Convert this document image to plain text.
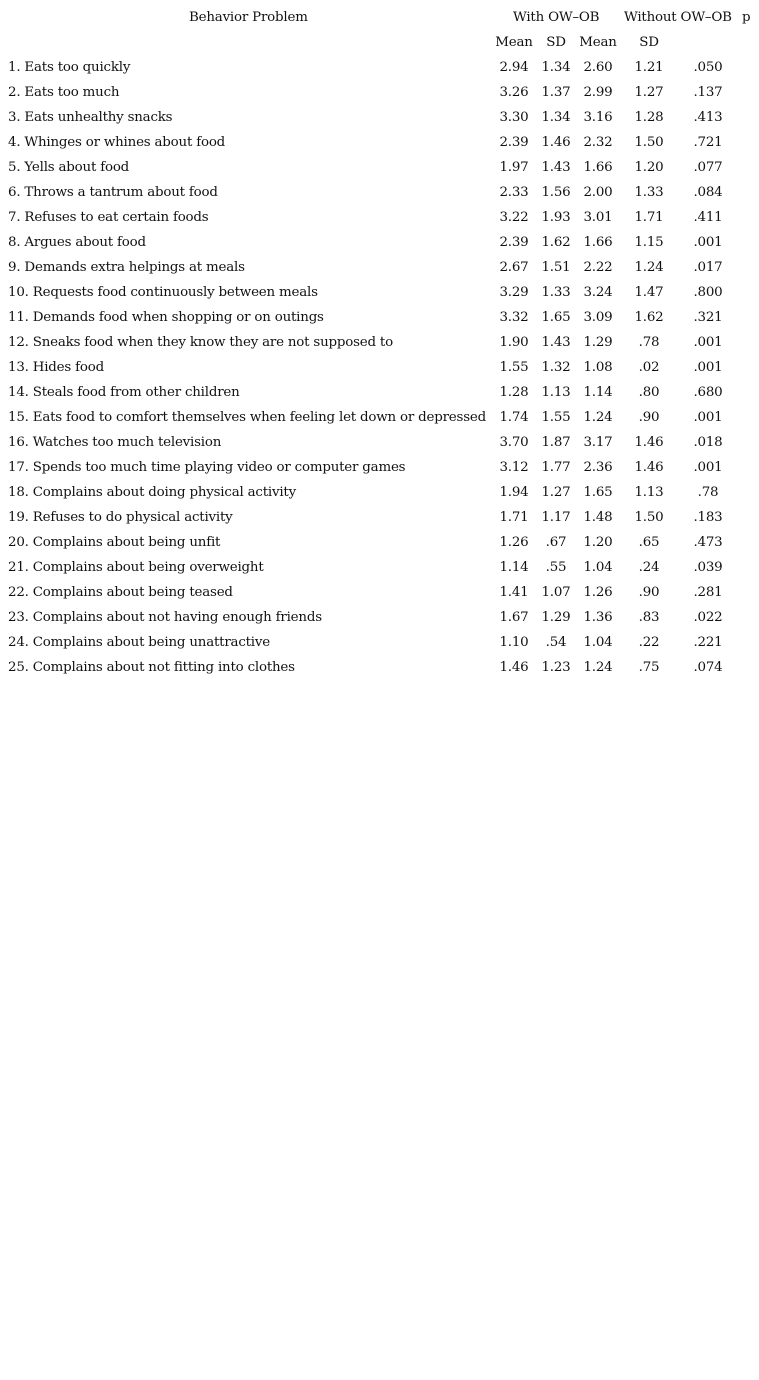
Behavior Problem	With OW–OB Without OW–OB p
Mean	SD	Mean	SD
1. Eats too quickly	2.94 1.34 2.60	1.21	.050
2. Eats too much	3.26 1.37 2.99	1.27	.137
3. Eats unhealthy snacks	3.30 1.34 3.16	1.28	.413
4. Whinges or whines about food	2.39 1.46 2.32	1.50	.721
5. Yells about food	1.97 1.43 1.66	1.20	.077
6. Throws a tantrum about food	2.33 1.56 2.00	1.33	.084
7. Refuses to eat certain foods	3.22 1.93 3.01	1.71	.411
8. Argues about food	2.39 1.62 1.66	1.15	.001
9. Demands extra helpings at meals	2.67 1.51 2.22	1.24	.017
10. Requests food continuously between meals	3.29 1.33 3.24	1.47	.800
11. Demands food when shopping or on outings	3.32 1.65 3.09	1.62	.321
12. Sneaks food when they know they are not supposed to	1.90 1.43 1.29	.78	.001
13. Hides food	1.55 1.32 1.08	.02	.001
14. Steals food from other children	1.28 1.13 1.14	.80	.680
15. Eats food to comfort themselves when feeling let down or depressed	1.74 1.55 1.24	.90	.001
16. Watches too much television	3.70 1.87 3.17	1.46	.018
17. Spends too much time playing video or computer games	3.12 1.77 2.36	1.46	.001
18. Complains about doing physical activity	1.94 1.27 1.65	1.13	.78
19. Refuses to do physical activity	1.71 1.17 1.48	1.50	.183
20. Complains about being unfit	1.26	.67	1.20	.65	.473
21. Complains about being overweight	1.14	.55	1.04	.24	.039
22. Complains about being teased	1.41 1.07 1.26	.90	.281
23. Complains about not having enough friends	1.67 1.29 1.36	.83	.022
24. Complains about being unattractive	1.10	.54	1.04	.22	.221
25. Complains about not fitting into clothes	1.46 1.23 1.24	.75	.074
